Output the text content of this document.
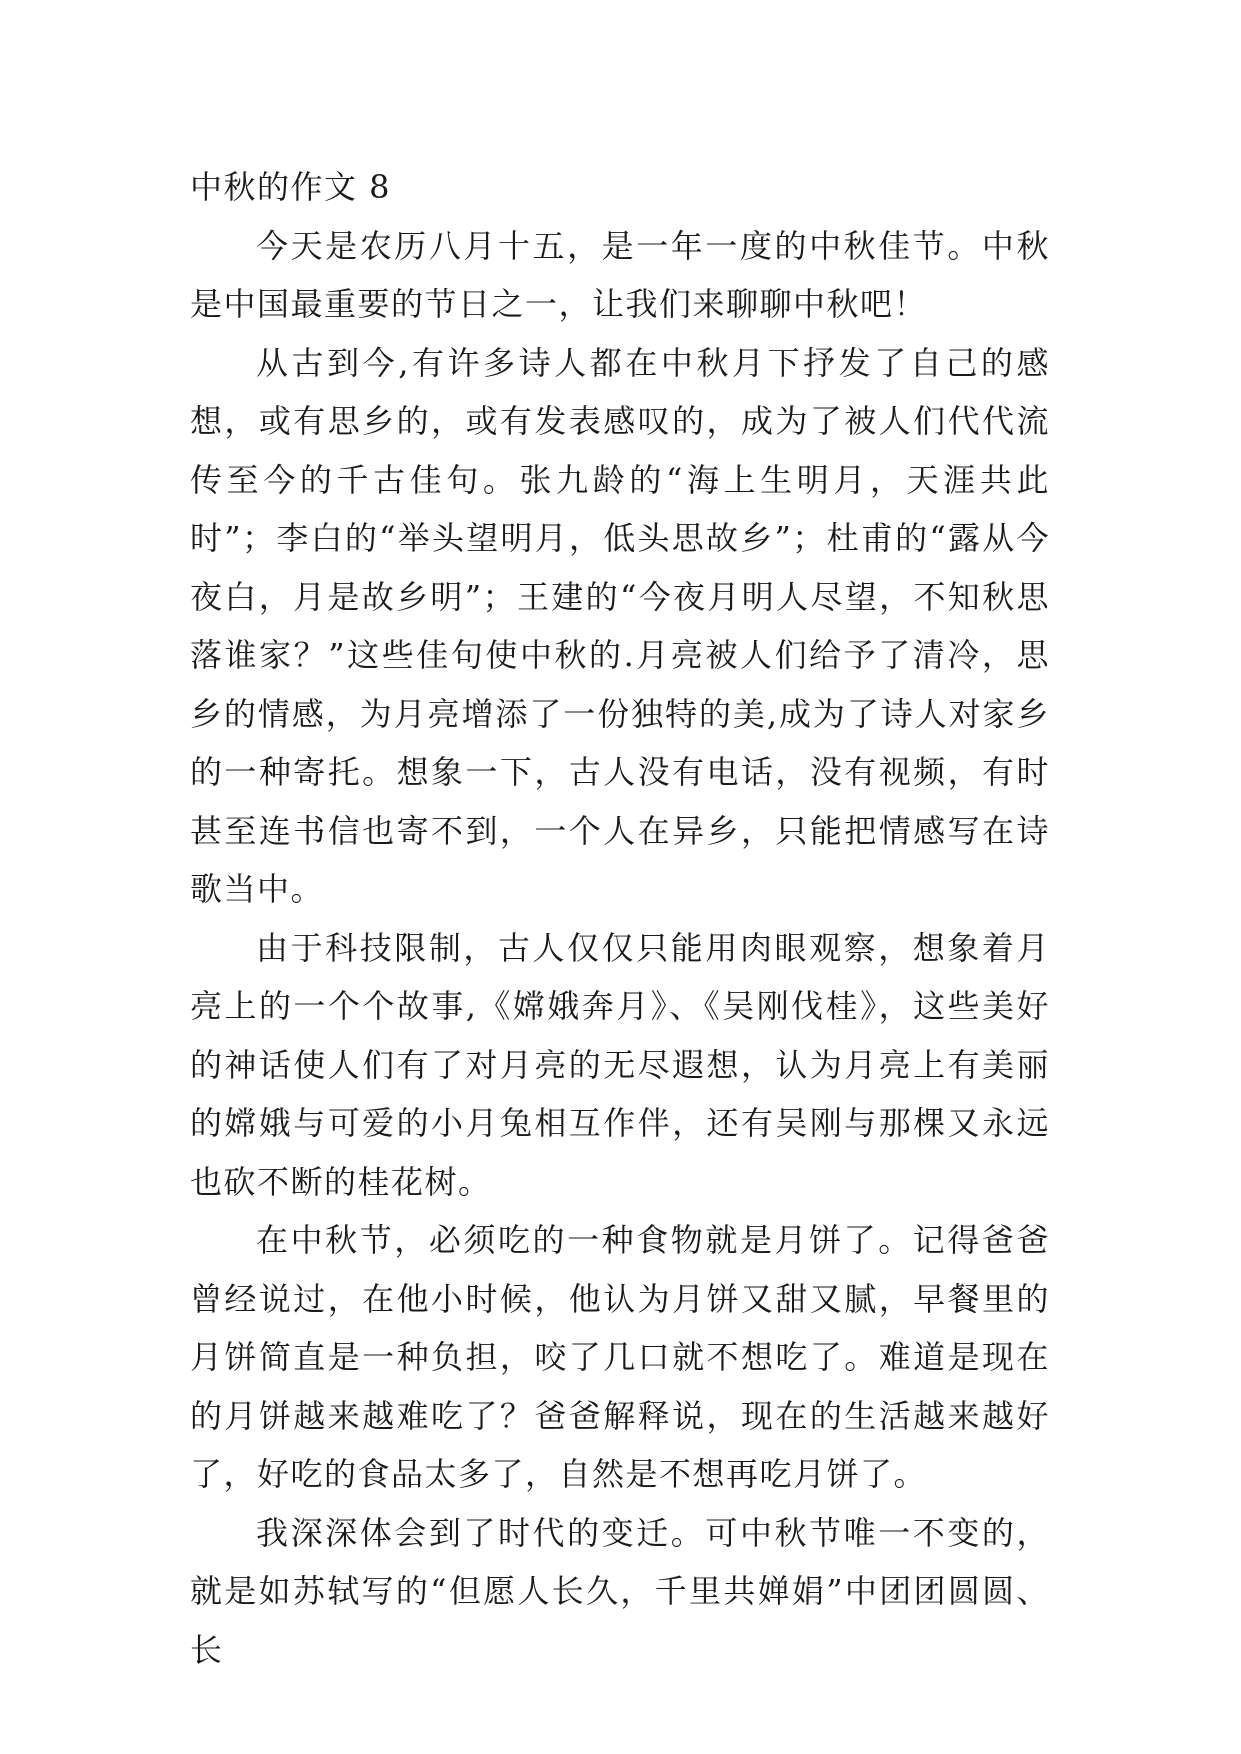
中秋的作文 8

今天是农历八月十五，是一年一度的中秋佳节。中秋是中国最重要的节日之一，让我们来聊聊中秋吧！

从古到今,有许多诗人都在中秋月下抒发了自己的感想，或有思乡的，或有发表感叹的，成为了被人们代代流传至今的千古佳句。张九龄的“海上生明月，天涯共此时”；李白的“举头望明月，低头思故乡”；杜甫的“露从今夜白，月是故乡明”；王建的“今夜月明人尽望，不知秋思落谁家？”这些佳句使中秋的.月亮被人们给予了清冷，思乡的情感，为月亮增添了一份独特的美,成为了诗人对家乡的一种寄托。想象一下，古人没有电话，没有视频，有时甚至连书信也寄不到，一个人在异乡，只能把情感写在诗歌当中。

由于科技限制，古人仅仅只能用肉眼观察，想象着月亮上的一个个故事,《嫦娥奔月》、《吴刚伐桂》，这些美好的神话使人们有了对月亮的无尽遐想，认为月亮上有美丽的嫦娥与可爱的小月兔相互作伴，还有吴刚与那棵又永远也砍不断的桂花树。

在中秋节，必须吃的一种食物就是月饼了。记得爸爸曾经说过，在他小时候，他认为月饼又甜又腻，早餐里的月饼简直是一种负担，咬了几口就不想吃了。难道是现在的月饼越来越难吃了？爸爸解释说，现在的生活越来越好了，好吃的食品太多了，自然是不想再吃月饼了。

我深深体会到了时代的变迁。可中秋节唯一不变的，就是如苏轼写的“但愿人长久，千里共婵娟”中团团圆圆、长
